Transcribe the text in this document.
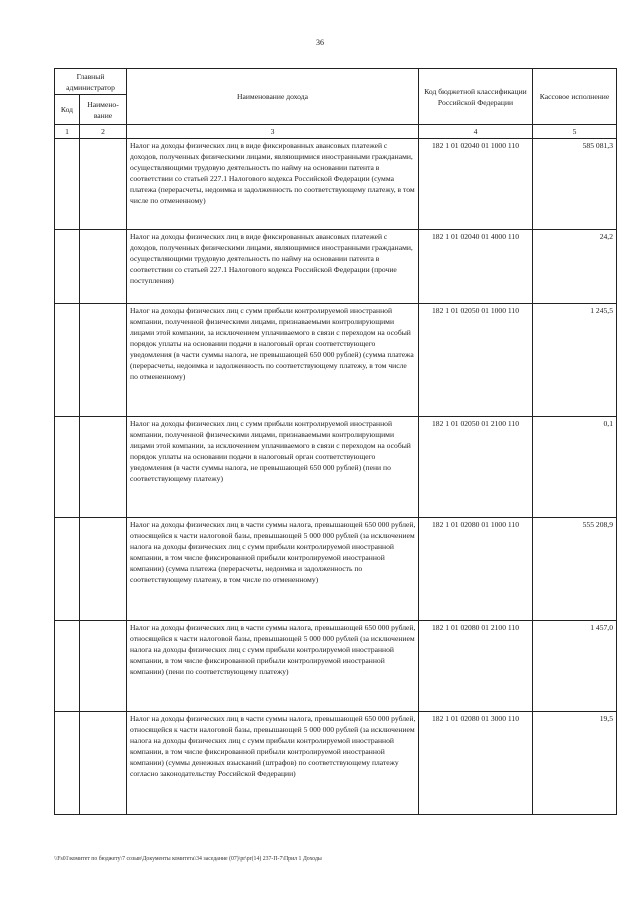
36
Главный администратор		Наименование дохода	Код бюджетной классификации Российской Федерации	Кассовое исполнение
Код	Наимено-вание			
1	2	3	4	5
		Налог на доходы физических лиц в виде фиксированных авансовых платежей с доходов, полученных физическими лицами, являющимися иностранными гражданами, осуществляющими трудовую деятельность по найму на основании патента в соответствии со статьей 227.1 Налогового кодекса Российской Федерации (сумма платежа (перерасчеты, недоимка и задолженность по соответствующему платежу, в том числе по отмененному)	182 1 01 02040 01 1000 110	585 081,3
		Налог на доходы физических лиц в виде фиксированных авансовых платежей с доходов, полученных физическими лицами, являющимися иностранными гражданами, осуществляющими трудовую деятельность по найму на основании патента в соответствии со статьей 227.1 Налогового кодекса Российской Федерации (прочие поступления)	182 1 01 02040 01 4000 110	24,2
		Налог на доходы физических лиц с сумм прибыли контролируемой иностранной компании, полученной физическими лицами, признаваемыми контролирующими лицами этой компании, за исключением уплачиваемого в связи с переходом на особый порядок уплаты на основании подачи в налоговый орган соответствующего уведомления (в части суммы налога, не превышающей 650 000 рублей) (сумма платежа (перерасчеты, недоимка и задолженность по соответствующему платежу, в том числе по отмененному)	182 1 01 02050 01 1000 110	1 245,5
		Налог на доходы физических лиц с сумм прибыли контролируемой иностранной компании, полученной физическими лицами, признаваемыми контролирующими лицами этой компании, за исключением уплачиваемого в связи с переходом на особый порядок уплаты на основании подачи в налоговый орган соответствующего уведомления (в части суммы налога, не превышающей 650 000 рублей) (пени по соответствующему платежу)	182 1 01 02050 01 2100 110	0,1
		Налог на доходы физических лиц в части суммы налога, превышающей 650 000 рублей, относящейся к части налоговой базы, превышающей 5 000 000 рублей (за исключением налога на доходы физических лиц с сумм прибыли контролируемой иностранной компании, в том числе фиксированной прибыли контролируемой иностранной компании) (сумма платежа (перерасчеты, недоимка и задолженность по соответствующему платежу, в том числе по отмененному)	182 1 01 02080 01 1000 110	555 208,9
		Налог на доходы физических лиц в части суммы налога, превышающей 650 000 рублей, относящейся к части налоговой базы, превышающей 5 000 000 рублей (за исключением налога на доходы физических лиц с сумм прибыли контролируемой иностранной компании, в том числе фиксированной прибыли контролируемой иностранной компании) (пени по соответствующему платежу)	182 1 01 02080 01 2100 110	1 457,0
		Налог на доходы физических лиц в части суммы налога, превышающей 650 000 рублей, относящейся к части налоговой базы, превышающей 5 000 000 рублей (за исключением налога на доходы физических лиц с сумм прибыли контролируемой иностранной компании, в том числе фиксированной прибыли контролируемой иностранной компании) (суммы денежных взысканий (штрафов) по соответствующему платежу согласно законодательству Российской Федерации)	182 1 01 02080 01 3000 110	19,5
\\Fs01\комитет по бюджету\7 созыв\Документы комитета\34 заседание (07)\pr\pr(14) 237-П-7\Прил 1 Доходы
